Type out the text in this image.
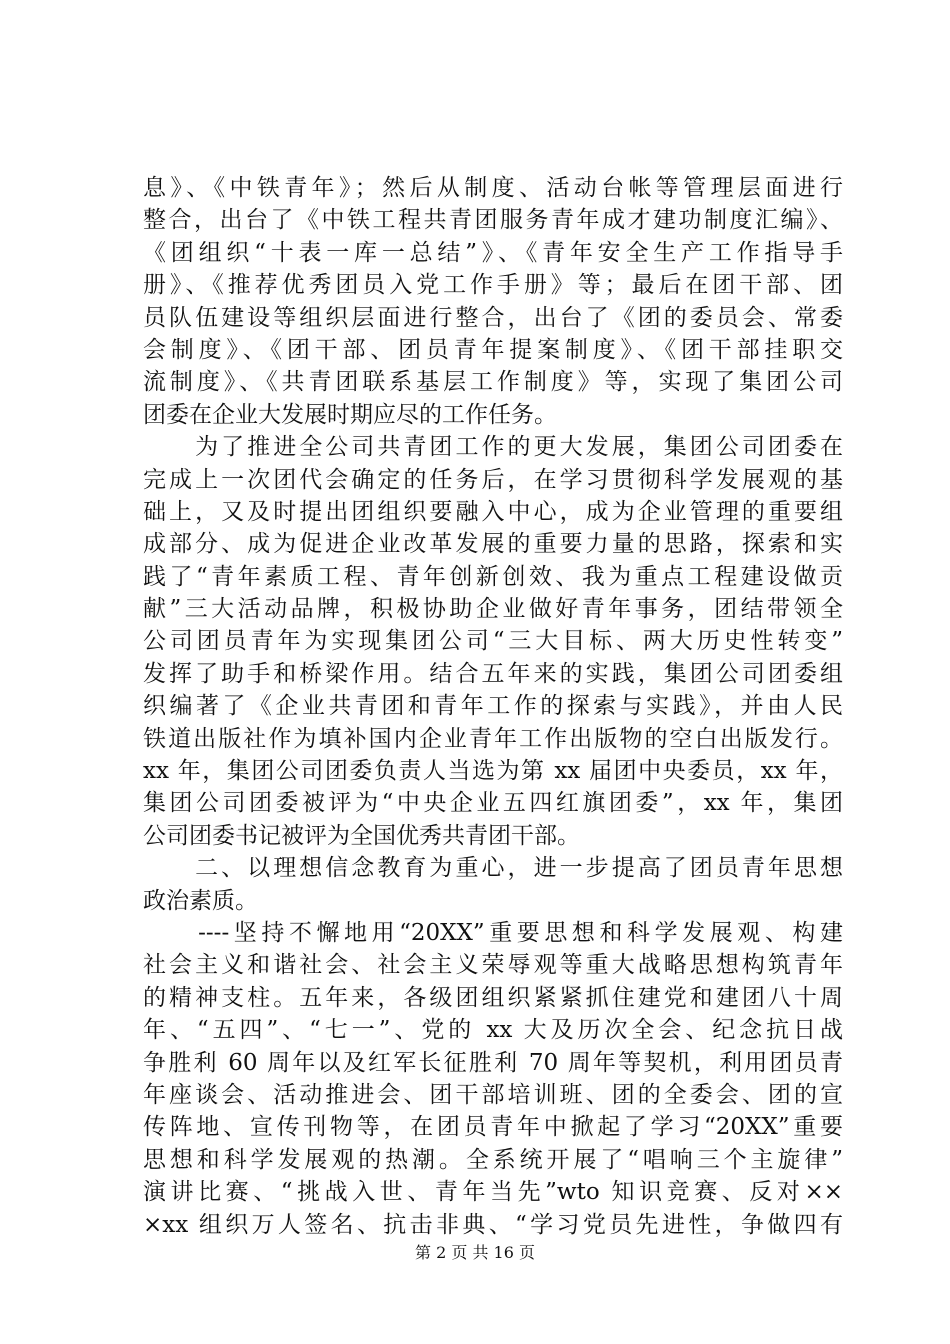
息》、《中铁青年》；然后从制度、活动台帐等管理层面进行
整合，出台了《中铁工程共青团服务青年成才建功制度汇编》、
《团组织“十表一库一总结”》、《青年安全生产工作指导手
册》、《推荐优秀团员入党工作手册》等；最后在团干部、团
员队伍建设等组织层面进行整合，出台了《团的委员会、常委
会制度》、《团干部、团员青年提案制度》、《团干部挂职交
流制度》、《共青团联系基层工作制度》等，实现了集团公司
团委在企业大发展时期应尽的工作任务。
　　为了推进全公司共青团工作的更大发展，集团公司团委在
完成上一次团代会确定的任务后，在学习贯彻科学发展观的基
础上，又及时提出团组织要融入中心，成为企业管理的重要组
成部分、成为促进企业改革发展的重要力量的思路，探索和实
践了“青年素质工程、青年创新创效、我为重点工程建设做贡
献”三大活动品牌，积极协助企业做好青年事务，团结带领全
公司团员青年为实现集团公司“三大目标、两大历史性转变”
发挥了助手和桥梁作用。结合五年来的实践，集团公司团委组
织编著了《企业共青团和青年工作的探索与实践》，并由人民
铁道出版社作为填补国内企业青年工作出版物的空白出版发行。
xx 年，集团公司团委负责人当选为第 xx 届团中央委员，xx 年，
集团公司团委被评为“中央企业五四红旗团委”，xx 年，集团
公司团委书记被评为全国优秀共青团干部。
　　二、以理想信念教育为重心，进一步提高了团员青年思想
政治素质。
　　----坚持不懈地用“20XX”重要思想和科学发展观、构建
社会主义和谐社会、社会主义荣辱观等重大战略思想构筑青年
的精神支柱。五年来，各级团组织紧紧抓住建党和建团八十周
年、“五四”、“七一”、党的 xx 大及历次全会、纪念抗日战
争胜利 60 周年以及红军长征胜利 70 周年等契机，利用团员青
年座谈会、活动推进会、团干部培训班、团的全委会、团的宣
传阵地、宣传刊物等，在团员青年中掀起了学习“20XX”重要
思想和科学发展观的热潮。全系统开展了“唱响三个主旋律”
演讲比赛、“挑战入世、青年当先”wto 知识竞赛、反对××
×xx 组织万人签名、抗击非典、“学习党员先进性，争做四有
第 2 页 共 16 页
